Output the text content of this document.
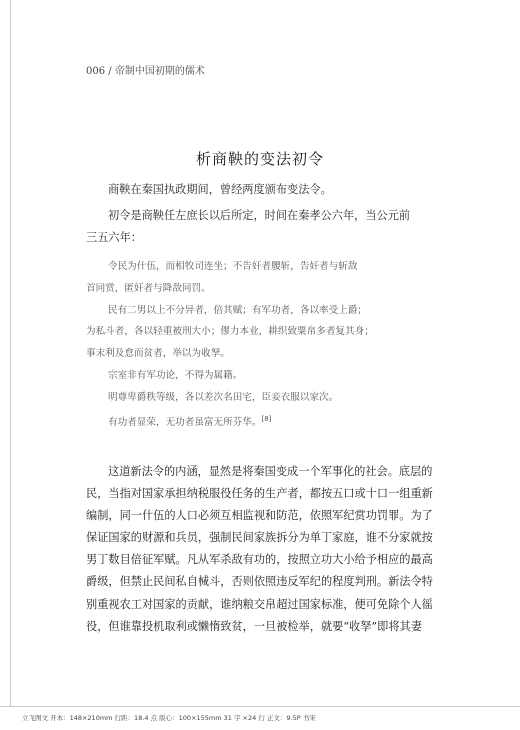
006 / 帝制中国初期的儒术
析商鞅的变法初令
商鞅在秦国执政期间，曾经两度颁布变法令。
初令是商鞅任左庶长以后所定，时间在秦孝公六年，当公元前
三五六年：
令民为什伍，而相牧司连坐；不告奸者腰斩，告奸者与斩敌
首同赏，匿奸者与降敌同罚。
民有二男以上不分异者，倍其赋；有军功者，各以率受上爵；
为私斗者，各以轻重被刑大小；僇力本业，耕织致粟帛多者复其身；
事末利及怠而贫者，举以为收孥。
宗室非有军功论，不得为属籍。
明尊卑爵秩等级，各以差次名田宅，臣妾衣服以家次。
有功者显荣，无功者虽富无所芬华。[8]
这道新法令的内涵，显然是将秦国变成一个军事化的社会。底层的
民，当指对国家承担纳税服役任务的生产者，都按五口或十口一组重新
编制，同一什伍的人口必须互相监视和防范，依照军纪赏功罚罪。为了
保证国家的财源和兵员，强制民间家族拆分为单丁家庭，谁不分家就按
男丁数目倍征军赋。凡从军杀敌有功的，按照立功大小给予相应的最高
爵级，但禁止民间私自械斗，否则依照违反军纪的程度判刑。新法令特
别重视农工对国家的贡献，谁纳粮交帛超过国家标准，便可免除个人徭
役，但谁靠投机取利或懒惰致贫，一旦被检举，就要“收孥”即将其妻
立飞图文 开本：148×210mm 行距：18.4 点 版心：100×155mm 31 字 ×24 行 正文：9.5P 书宋
